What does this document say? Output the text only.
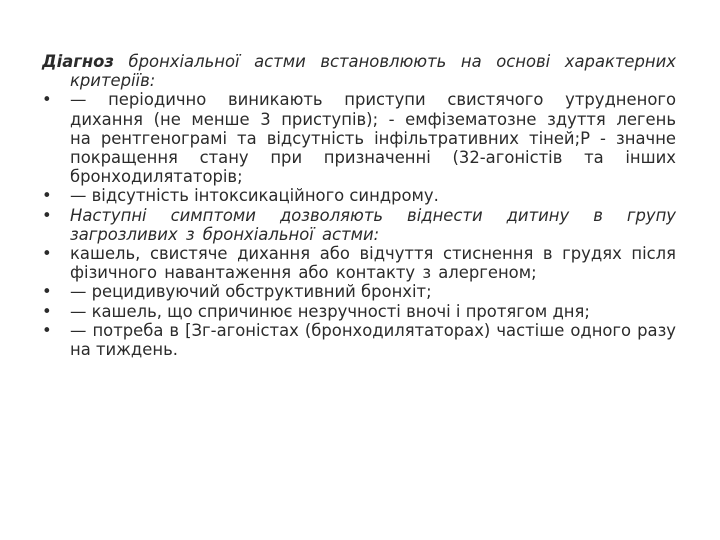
Діагноз бронхіальної астми встановлюють на основі характерних критеріїв:

• — періодично виникають приступи свистячого утрудненого дихання (не менше 3 приступів); - емфізематозне здуття легень на рентгенограмі та відсутність інфільтративних тіней;Р - значне покращення стану при призначенні (32-агоністів та інших бронходилятаторів;
• — відсутність інтоксикаційного синдрому.
• Наступні симптоми дозволяють віднести дитину в групу загрозливих з бронхіальної астми:
• кашель, свистяче дихання або відчуття стиснення в грудях після фізичного навантаження або контакту з алергеном;
• — рецидивуючий обструктивний бронхіт;
• — кашель, що спричинює незручності вночі і протягом дня;
• — потреба в [Зг-агоністах (бронходилятаторах) частіше одного разу на тиждень.
